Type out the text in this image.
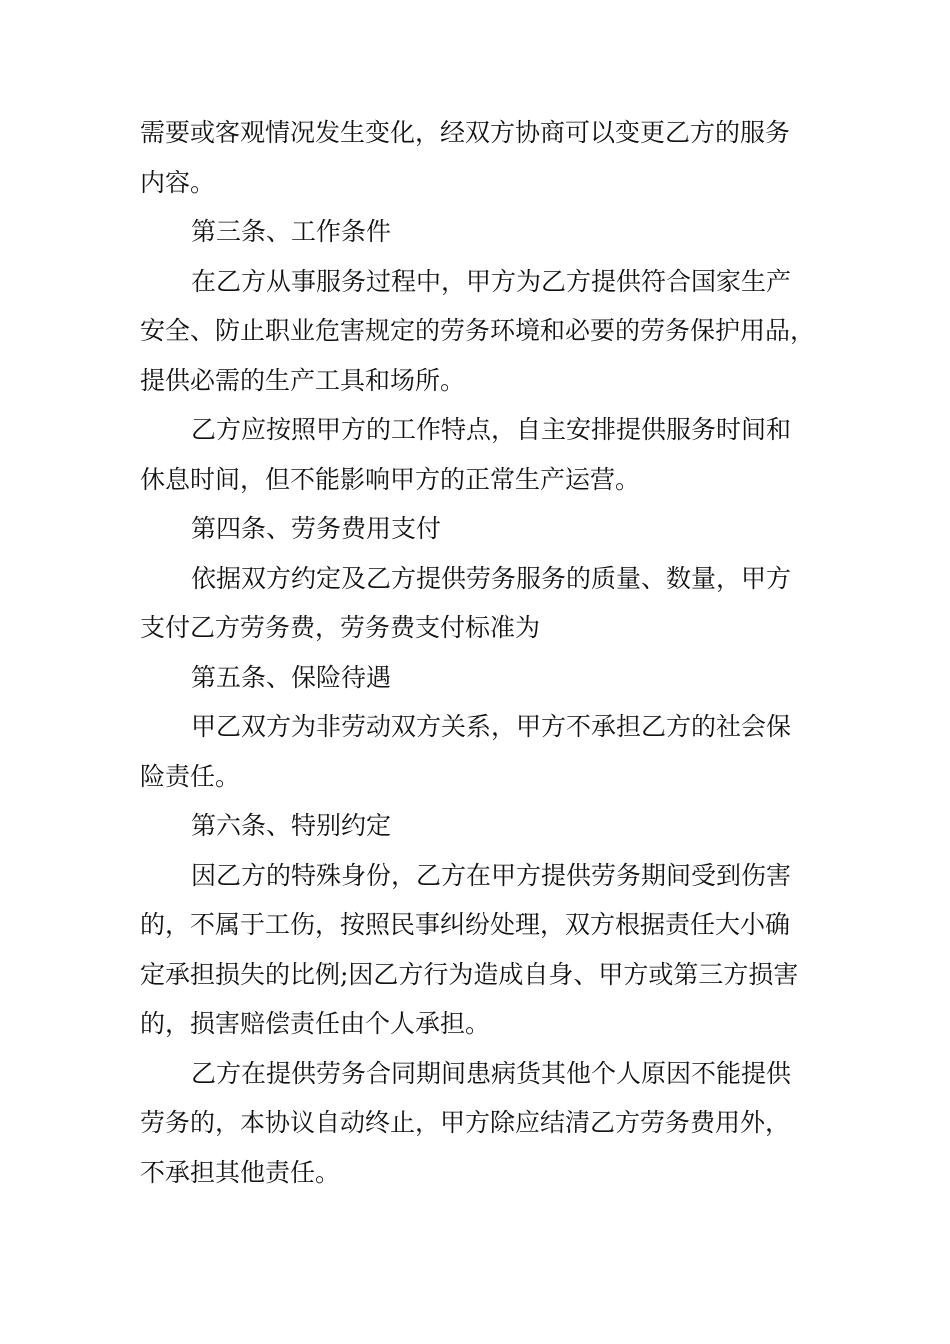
需要或客观情况发生变化，经双方协商可以变更乙方的服务
内容。

第三条、工作条件

在乙方从事服务过程中，甲方为乙方提供符合国家生产
安全、防止职业危害规定的劳务环境和必要的劳务保护用品，
提供必需的生产工具和场所。

乙方应按照甲方的工作特点，自主安排提供服务时间和
休息时间，但不能影响甲方的正常生产运营。

第四条、劳务费用支付

依据双方约定及乙方提供劳务服务的质量、数量，甲方
支付乙方劳务费，劳务费支付标准为

第五条、保险待遇

甲乙双方为非劳动双方关系，甲方不承担乙方的社会保
险责任。

第六条、特别约定

因乙方的特殊身份，乙方在甲方提供劳务期间受到伤害
的，不属于工伤，按照民事纠纷处理，双方根据责任大小确
定承担损失的比例;因乙方行为造成自身、甲方或第三方损害
的，损害赔偿责任由个人承担。

乙方在提供劳务合同期间患病货其他个人原因不能提供
劳务的，本协议自动终止，甲方除应结清乙方劳务费用外，
不承担其他责任。
